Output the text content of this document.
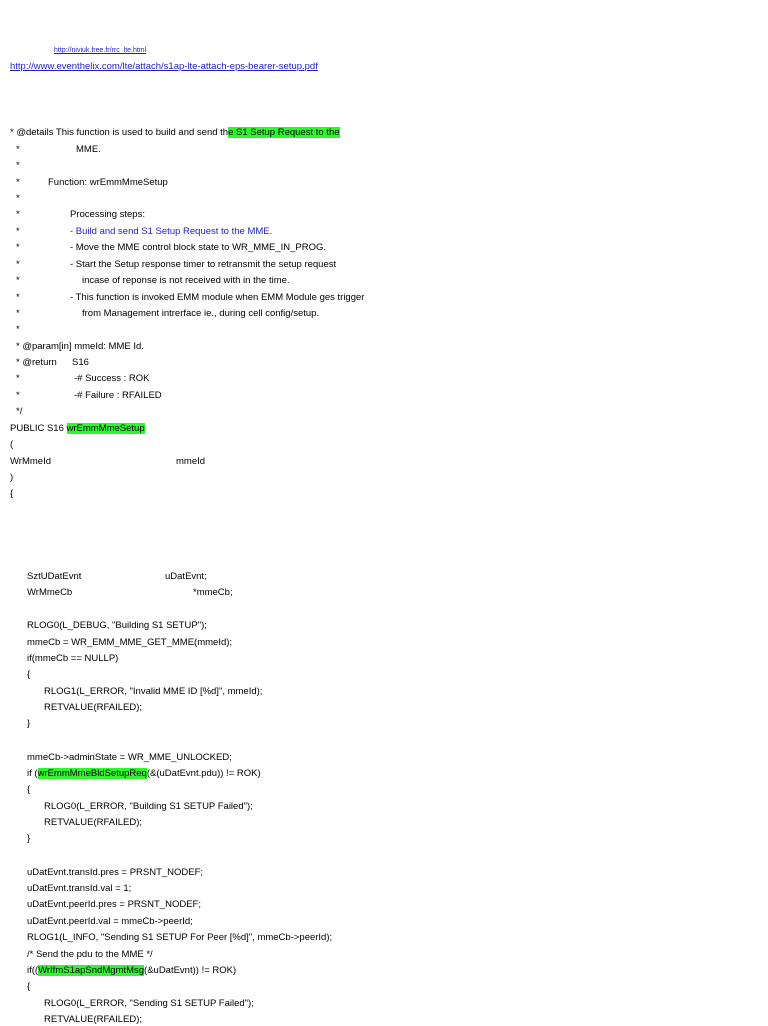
http://niviuk.free.fr/rrc_lte.html
http://www.eventhelix.com/lte/attach/s1ap-lte-attach-eps-bearer-setup.pdf
* @details This function is used to build and send the S1 Setup Request to the
*	MME.
*
*	Function: wrEmmMmeSetup
*
*	Processing steps:
*	- Build and send S1 Setup Request to the MME.
*	- Move the MME control block state to WR_MME_IN_PROG.
*	- Start the Setup response timer to retransmit the setup request
*	incase of reponse is not received with in the time.
*	- This function is invoked EMM module when EMM Module ges trigger
*	from Management intrerface ie., during cell config/setup.
*
* @param[in] mmeId: MME Id.
* @return S16
*	-# Success : ROK
*	-# Failure : RFAILED
*/
PUBLIC S16 wrEmmMmeSetup
(
WrMmeId	mmeId
)
{
SztUDatEvnt	uDatEvnt;
WrMmeCb	*mmeCb;
RLOG0(L_DEBUG, "Building S1 SETUP");
mmeCb = WR_EMM_MME_GET_MME(mmeId);
if(mmeCb == NULLP)
{
RLOG1(L_ERROR, "Invalid MME ID [%d]", mmeId);
RETVALUE(RFAILED);
}
mmeCb->adminState = WR_MME_UNLOCKED;
if (wrEmmMmeBldSetupReq(&(uDatEvnt.pdu)) != ROK)
{
RLOG0(L_ERROR, "Building S1 SETUP Failed");
RETVALUE(RFAILED);
}
uDatEvnt.transId.pres = PRSNT_NODEF;
uDatEvnt.transId.val = 1;
uDatEvnt.peerId.pres = PRSNT_NODEF;
uDatEvnt.peerId.val = mmeCb->peerId;
RLOG1(L_INFO, "Sending S1 SETUP For Peer [%d]", mmeCb->peerId);
/* Send the pdu to the MME */
if((WrIfmS1apSndMgmtMsg(&uDatEvnt)) != ROK)
{
RLOG0(L_ERROR, "Sending S1 SETUP Failed");
RETVALUE(RFAILED);
